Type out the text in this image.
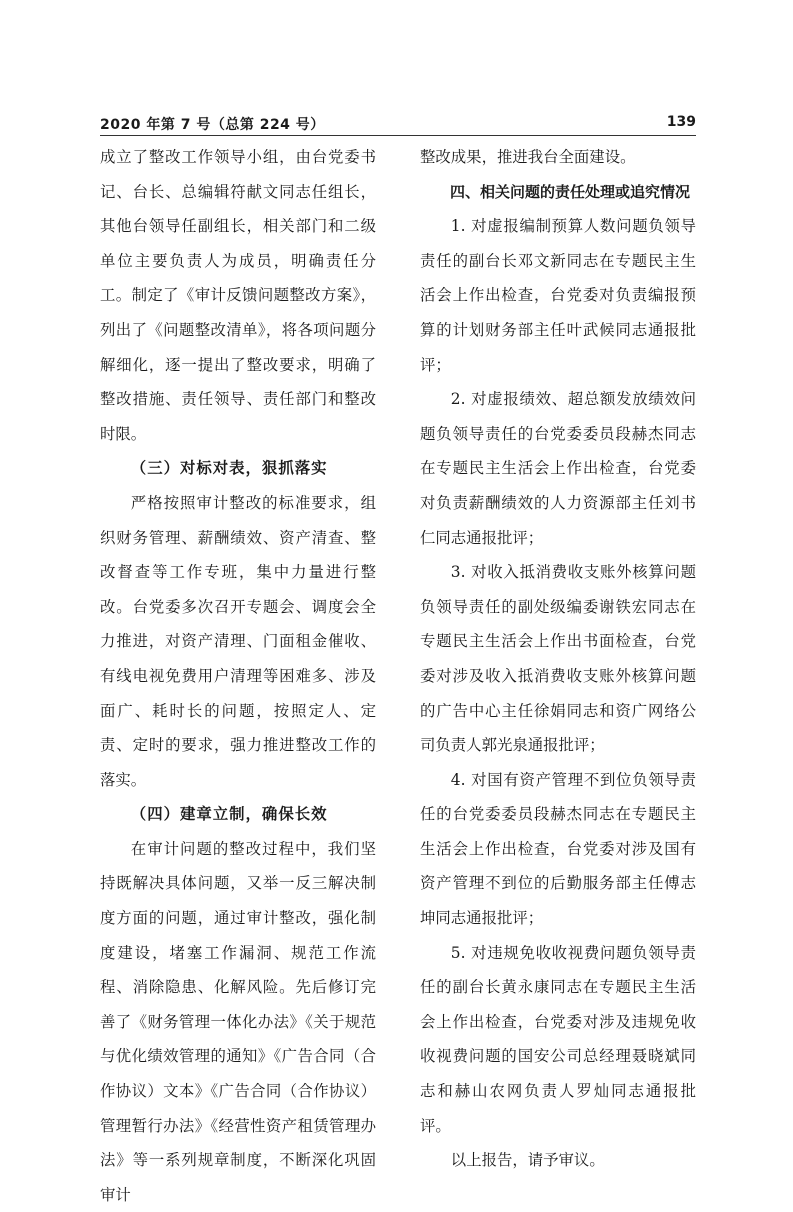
2020 年第 7 号（总第 224 号）	139

成立了整改工作领导小组，由台党委书记、台长、总编辑符献文同志任组长，其他台领导任副组长，相关部门和二级单位主要负责人为成员，明确责任分工。制定了《审计反馈问题整改方案》，列出了《问题整改清单》，将各项问题分解细化，逐一提出了整改要求，明确了整改措施、责任领导、责任部门和整改时限。

（三）对标对表，狠抓落实

严格按照审计整改的标准要求，组织财务管理、薪酬绩效、资产清查、整改督查等工作专班，集中力量进行整改。台党委多次召开专题会、调度会全力推进，对资产清理、门面租金催收、有线电视免费用户清理等困难多、涉及面广、耗时长的问题，按照定人、定责、定时的要求，强力推进整改工作的落实。

（四）建章立制，确保长效

在审计问题的整改过程中，我们坚持既解决具体问题，又举一反三解决制度方面的问题，通过审计整改，强化制度建设，堵塞工作漏洞、规范工作流程、消除隐患、化解风险。先后修订完善了《财务管理一体化办法》《关于规范与优化绩效管理的通知》《广告合同（合作协议）文本》《广告合同（合作协议）管理暂行办法》《经营性资产租赁管理办法》等一系列规章制度，不断深化巩固审计

整改成果，推进我台全面建设。

四、相关问题的责任处理或追究情况

1. 对虚报编制预算人数问题负领导责任的副台长邓文新同志在专题民主生活会上作出检查，台党委对负责编报预算的计划财务部主任叶武候同志通报批评；

2. 对虚报绩效、超总额发放绩效问题负领导责任的台党委委员段赫杰同志在专题民主生活会上作出检查，台党委对负责薪酬绩效的人力资源部主任刘书仁同志通报批评；

3. 对收入抵消费收支账外核算问题负领导责任的副处级编委谢铁宏同志在专题民主生活会上作出书面检查，台党委对涉及收入抵消费收支账外核算问题的广告中心主任徐娟同志和资广网络公司负责人郭光泉通报批评；

4. 对国有资产管理不到位负领导责任的台党委委员段赫杰同志在专题民主生活会上作出检查，台党委对涉及国有资产管理不到位的后勤服务部主任傅志坤同志通报批评；

5. 对违规免收收视费问题负领导责任的副台长黄永康同志在专题民主生活会上作出检查，台党委对涉及违规免收收视费问题的国安公司总经理聂晓斌同志和赫山农网负责人罗灿同志通报批评。

以上报告，请予审议。
